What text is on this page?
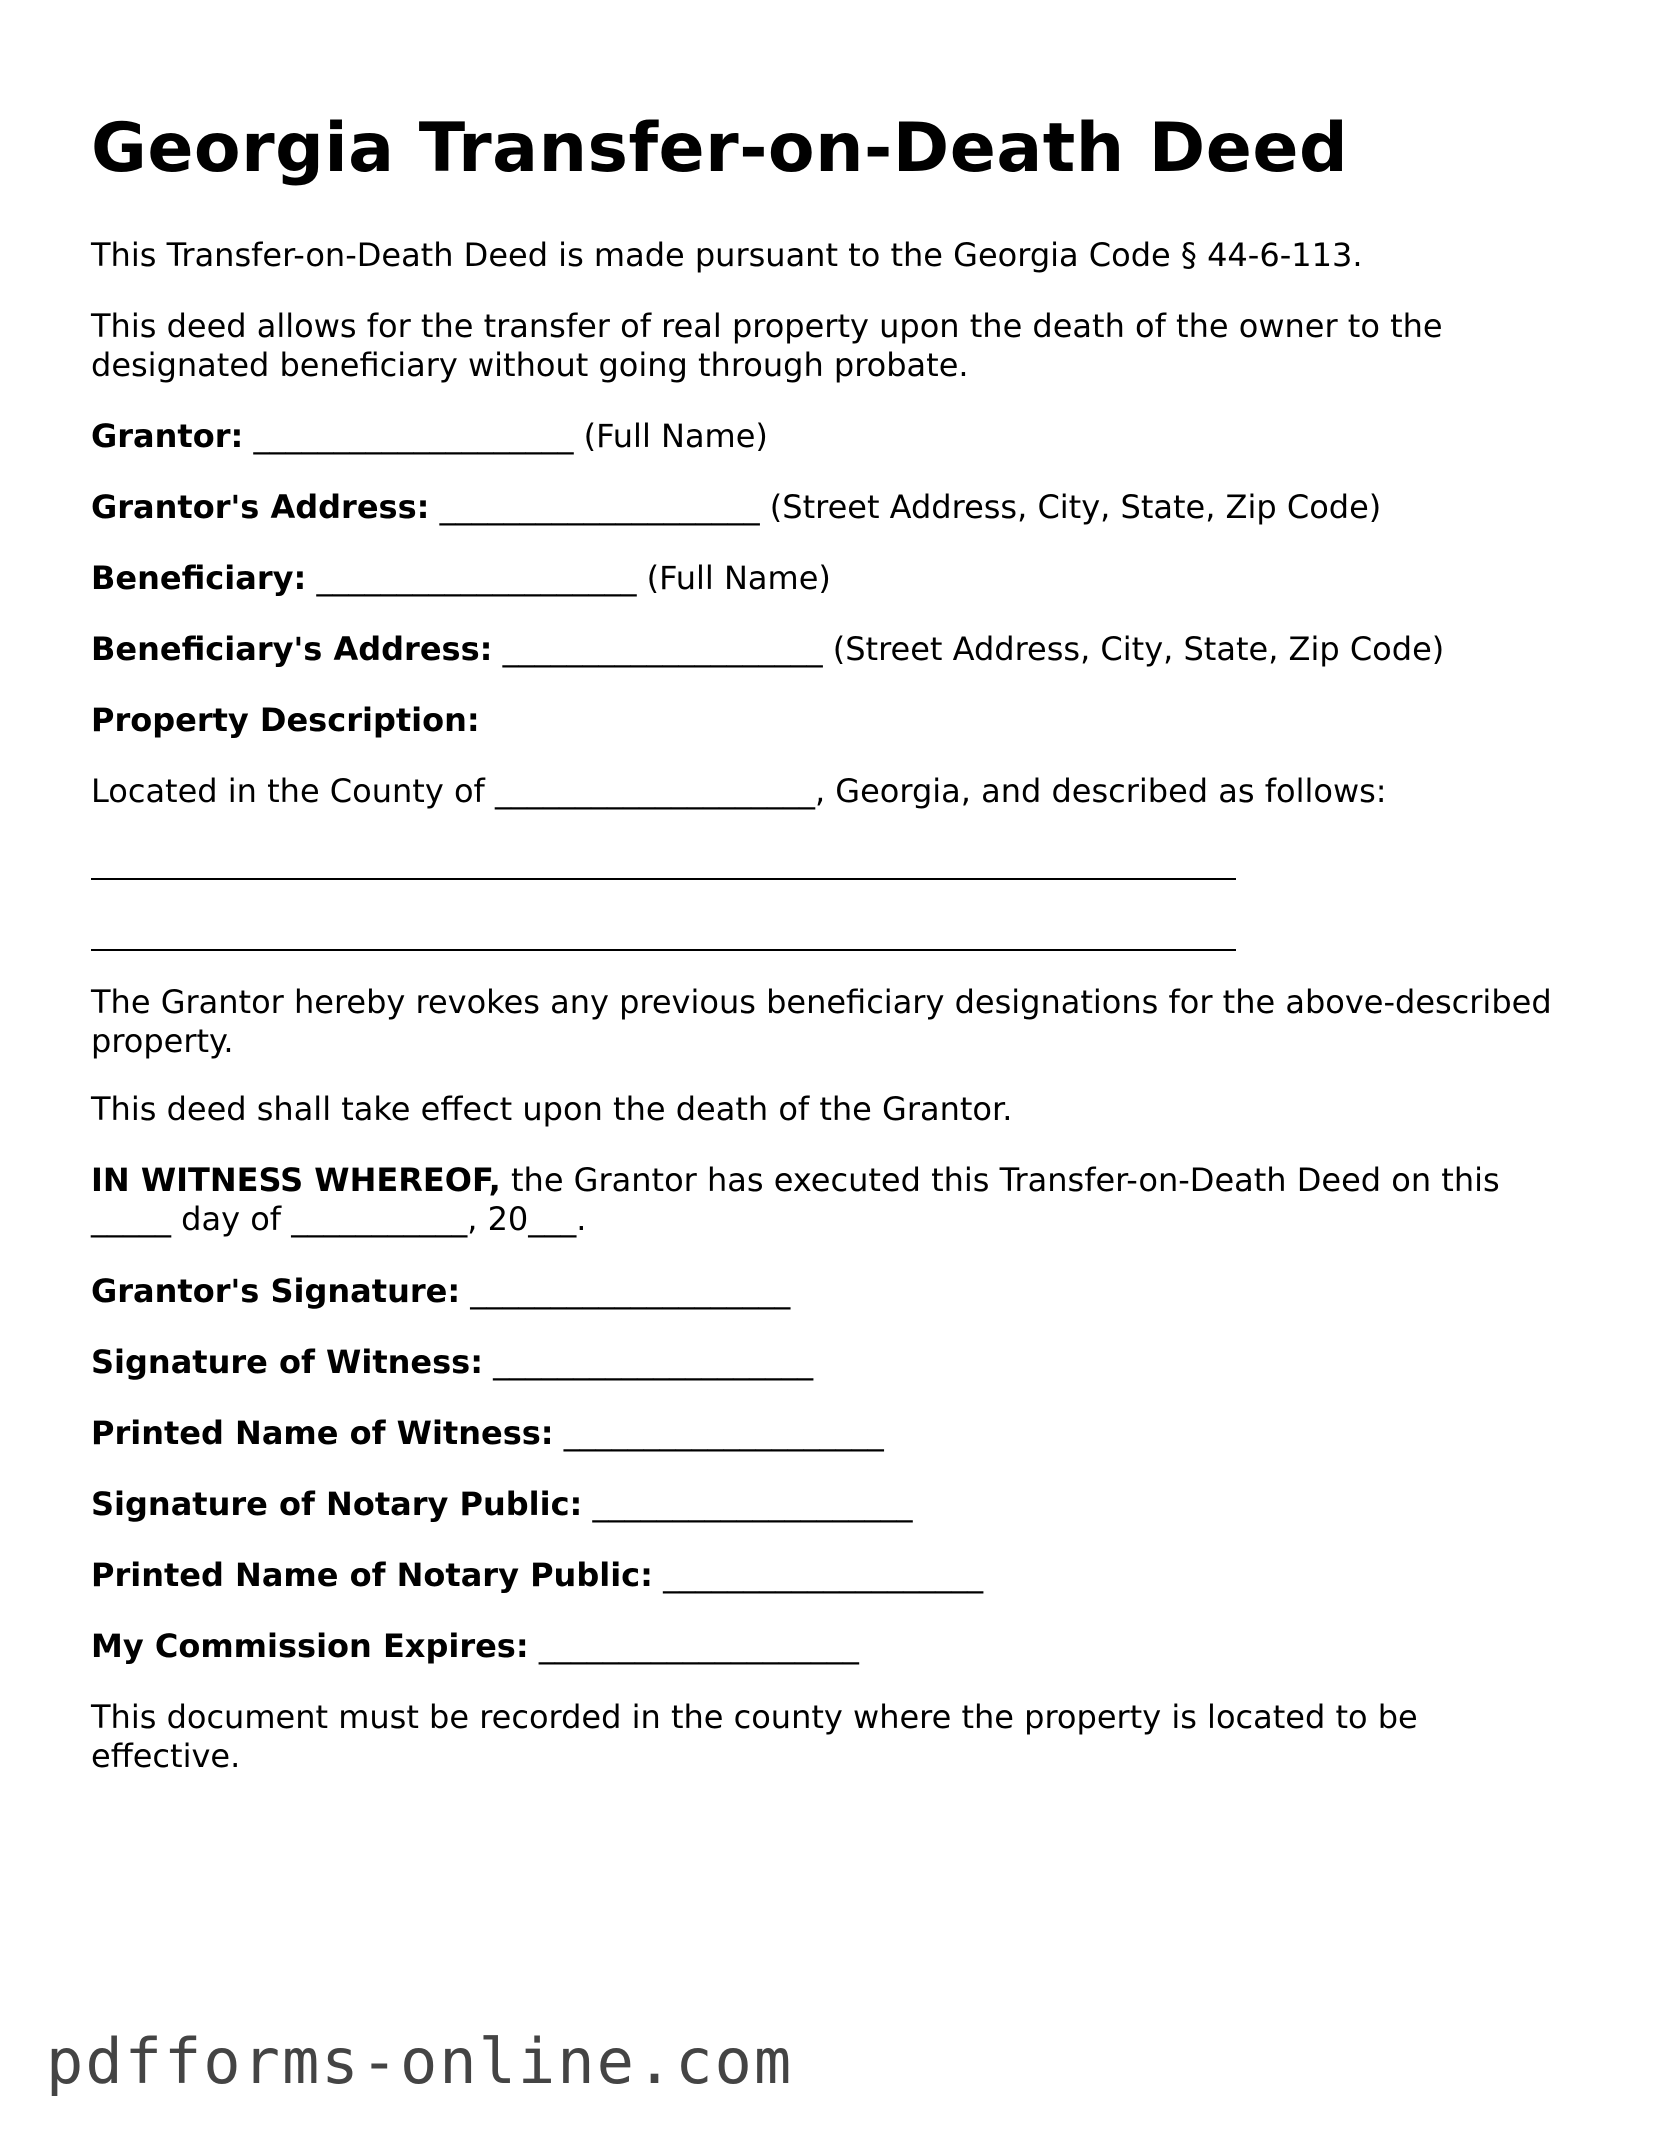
Georgia Transfer-on-Death Deed

This Transfer-on-Death Deed is made pursuant to the Georgia Code § 44-6-113.

This deed allows for the transfer of real property upon the death of the owner to the designated beneficiary without going through probate.

Grantor: ____________________ (Full Name)

Grantor's Address: ____________________ (Street Address, City, State, Zip Code)

Beneficiary: ____________________ (Full Name)

Beneficiary's Address: ____________________ (Street Address, City, State, Zip Code)

Property Description:

Located in the County of ____________________, Georgia, and described as follows:

The Grantor hereby revokes any previous beneficiary designations for the above-described property.

This deed shall take effect upon the death of the Grantor.

IN WITNESS WHEREOF, the Grantor has executed this Transfer-on-Death Deed on this _____ day of ___________, 20___.

Grantor's Signature: ____________________

Signature of Witness: ____________________

Printed Name of Witness: ____________________

Signature of Notary Public: ____________________

Printed Name of Notary Public: ____________________

My Commission Expires: ____________________

This document must be recorded in the county where the property is located to be effective.

pdfforms-online.com
